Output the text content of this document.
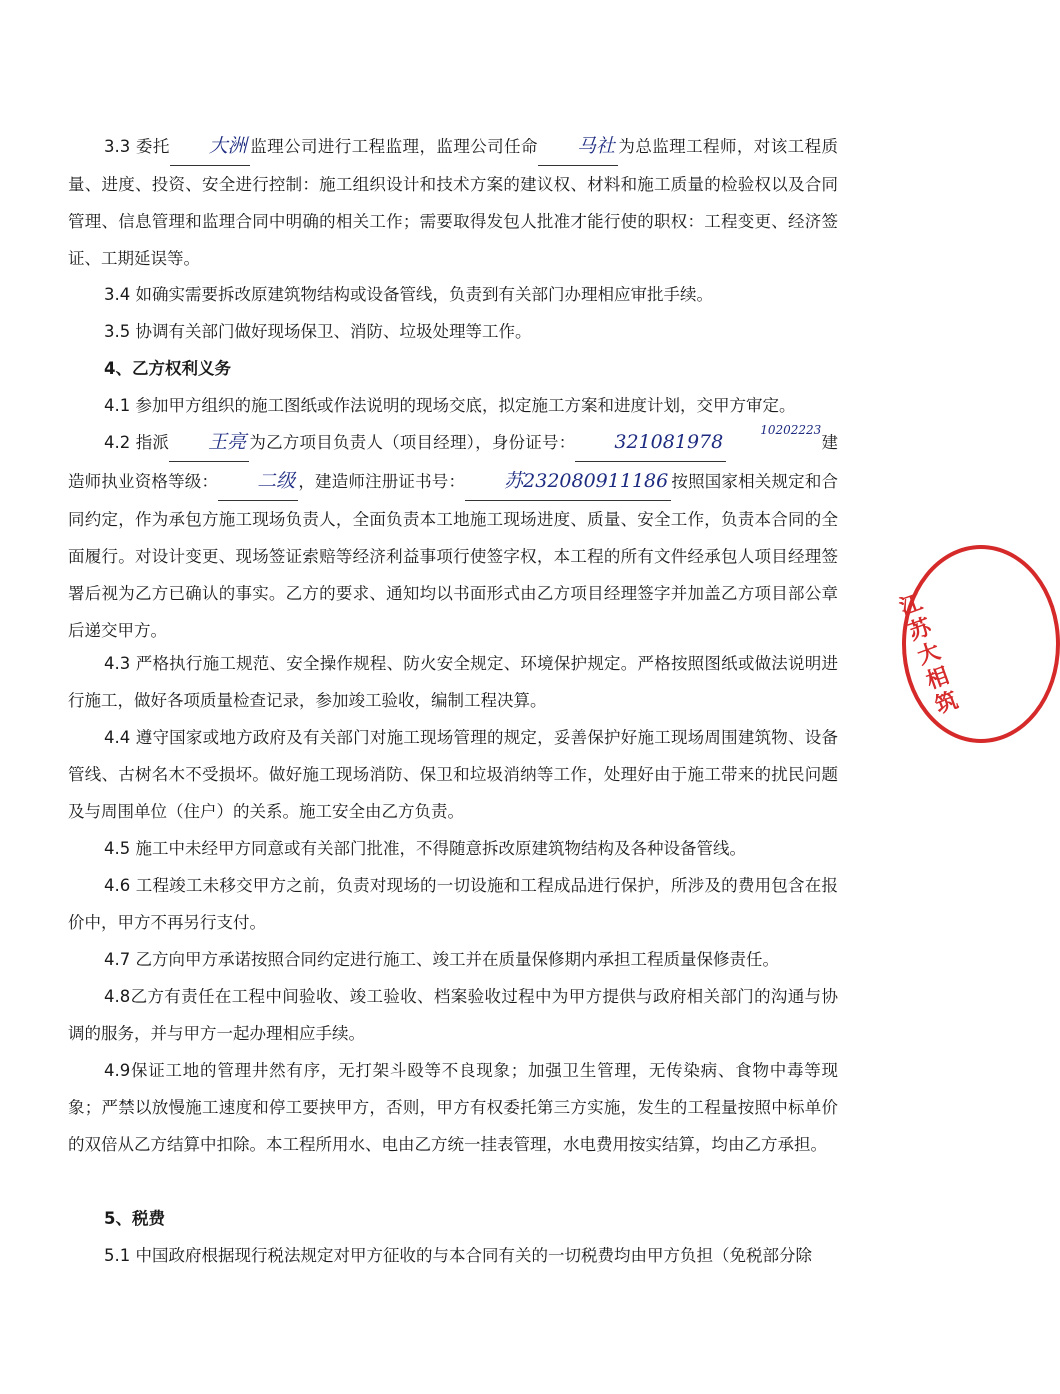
3.3 委托 大洲 监理公司进行工程监理，监理公司任命 马社 为总监理工程师，对该工程质量、进度、投资、安全进行控制：施工组织设计和技术方案的建议权、材料和施工质量的检验权以及合同管理、信息管理和监理合同中明确的相关工作；需要取得发包人批准才能行使的职权：工程变更、经济签证、工期延误等。

3.4 如确实需要拆改原建筑物结构或设备管线，负责到有关部门办理相应审批手续。

3.5 协调有关部门做好现场保卫、消防、垃圾处理等工作。

4、乙方权利义务

4.1 参加甲方组织的施工图纸或作法说明的现场交底，拟定施工方案和进度计划，交甲方审定。

4.2 指派 王亮 为乙方项目负责人（项目经理），身份证号： 32108197810202223建造师执业资格等级： 二级 ，建造师注册证书号： 苏232080911186 按照国家相关规定和合同约定，作为承包方施工现场负责人，全面负责本工地施工现场进度、质量、安全工作，负责本合同的全面履行。对设计变更、现场签证索赔等经济利益事项行使签字权，本工程的所有文件经承包人项目经理签署后视为乙方已确认的事实。乙方的要求、通知均以书面形式由乙方项目经理签字并加盖乙方项目部公章后递交甲方。

4.3 严格执行施工规范、安全操作规程、防火安全规定、环境保护规定。严格按照图纸或做法说明进行施工，做好各项质量检查记录，参加竣工验收，编制工程决算。

4.4 遵守国家或地方政府及有关部门对施工现场管理的规定，妥善保护好施工现场周围建筑物、设备管线、古树名木不受损坏。做好施工现场消防、保卫和垃圾消纳等工作，处理好由于施工带来的扰民问题及与周围单位（住户）的关系。施工安全由乙方负责。

4.5 施工中未经甲方同意或有关部门批准，不得随意拆改原建筑物结构及各种设备管线。

4.6 工程竣工未移交甲方之前，负责对现场的一切设施和工程成品进行保护，所涉及的费用包含在报价中，甲方不再另行支付。

4.7 乙方向甲方承诺按照合同约定进行施工、竣工并在质量保修期内承担工程质量保修责任。

4.8乙方有责任在工程中间验收、竣工验收、档案验收过程中为甲方提供与政府相关部门的沟通与协调的服务，并与甲方一起办理相应手续。

4.9保证工地的管理井然有序，无打架斗殴等不良现象；加强卫生管理，无传染病、食物中毒等现象；严禁以放慢施工速度和停工要挟甲方，否则，甲方有权委托第三方实施，发生的工程量按照中标单价的双倍从乙方结算中扣除。本工程所用水、电由乙方统一挂表管理，水电费用按实结算，均由乙方承担。

5、税费

5.1 中国政府根据现行税法规定对甲方征收的与本合同有关的一切税费均由甲方负担（免税部分除

江苏大相筑
